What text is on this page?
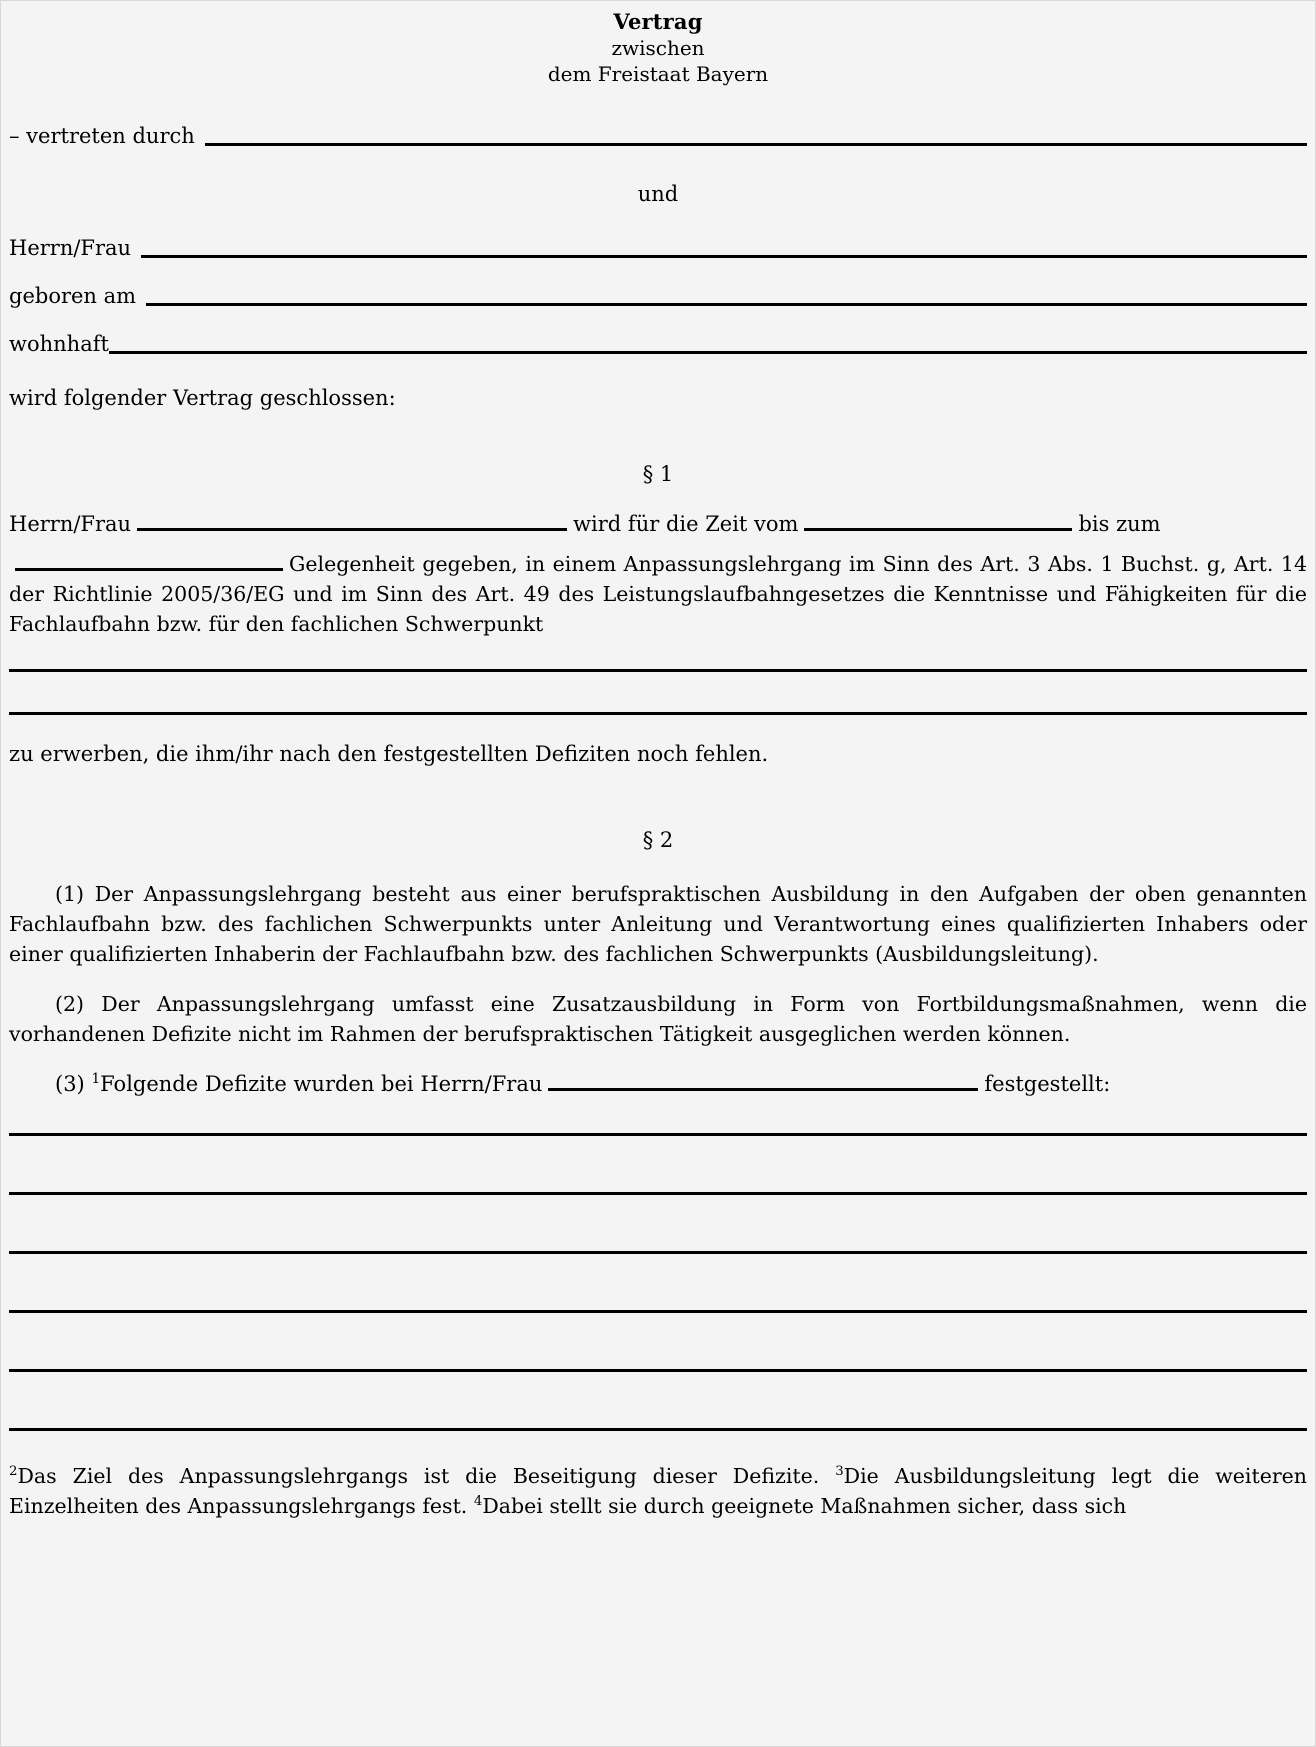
Vertrag
zwischen
dem Freistaat Bayern
– vertreten durch
und
Herrn/Frau
geboren am
wohnhaft
wird folgender Vertrag geschlossen:
§ 1
Herrn/Frau	wird für die Zeit vom	bis zum
Gelegenheit gegeben, in einem Anpassungslehrgang im Sinn des Art. 3 Abs. 1 Buchst. g, Art. 14 der Richtlinie 2005/36/EG und im Sinn des Art. 49 des Leistungslaufbahngesetzes die Kenntnisse und Fähigkeiten für die Fachlaufbahn bzw. für den fachlichen Schwerpunkt
zu erwerben, die ihm/ihr nach den festgestellten Defiziten noch fehlen.
§ 2
(1) Der Anpassungslehrgang besteht aus einer berufspraktischen Ausbildung in den Aufgaben der oben genannten Fachlaufbahn bzw. des fachlichen Schwerpunkts unter Anleitung und Verantwortung eines qualifizierten Inhabers oder einer qualifizierten Inhaberin der Fachlaufbahn bzw. des fachlichen Schwerpunkts (Ausbildungsleitung).
(2) Der Anpassungslehrgang umfasst eine Zusatzausbildung in Form von Fortbildungsmaßnahmen, wenn die vorhandenen Defizite nicht im Rahmen der berufspraktischen Tätigkeit ausgeglichen werden können.
(3) $^1$Folgende Defizite wurden bei Herrn/Frau	festgestellt:
$^2$Das Ziel des Anpassungslehrgangs ist die Beseitigung dieser Defizite. $^3$Die Ausbildungsleitung legt die weiteren Einzelheiten des Anpassungslehrgangs fest. $^4$Dabei stellt sie durch geeignete Maßnahmen sicher, dass sich
